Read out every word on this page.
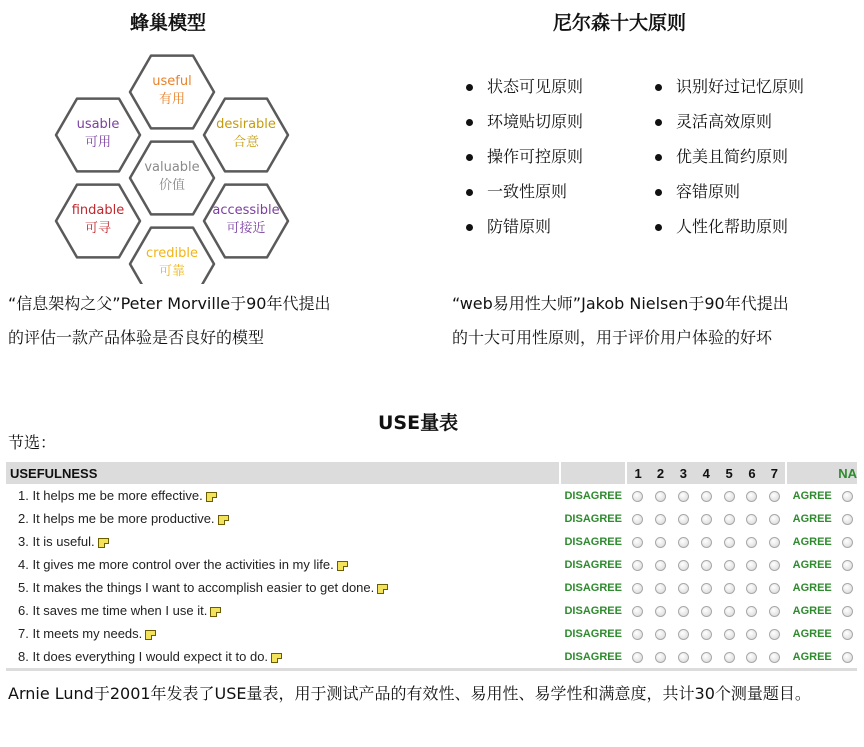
蜂巢模型	尼尔森十大原则
useful
有用
usable
可用
desirable
合意
valuable
价值
findable
可寻
accessible
可接近
credible
可靠
状态可见原则
环境贴切原则
操作可控原则
一致性原则
防错原则
识别好过记忆原则
灵活高效原则
优美且简约原则
容错原则
人性化帮助原则
“信息架构之父”Peter Morville于90年代提出
的评估一款产品体验是否良好的模型
“web易用性大师”Jakob Nielsen于90年代提出
的十大可用性原则，用于评价用户体验的好坏
USE量表
节选：
USEFULNESS		1	2	3	4	5	6	7		NA
1. It helps me be more effective.	DISAGREE								AGREE	
2. It helps me be more productive.	DISAGREE								AGREE	
3. It is useful.	DISAGREE								AGREE	
4. It gives me more control over the activities in my life.	DISAGREE								AGREE	
5. It makes the things I want to accomplish easier to get done.	DISAGREE								AGREE	
6. It saves me time when I use it.	DISAGREE								AGREE	
7. It meets my needs.	DISAGREE								AGREE	
8. It does everything I would expect it to do.	DISAGREE								AGREE	
Arnie Lund于2001年发表了USE量表，用于测试产品的有效性、易用性、易学性和满意度，共计30个测量题目。
